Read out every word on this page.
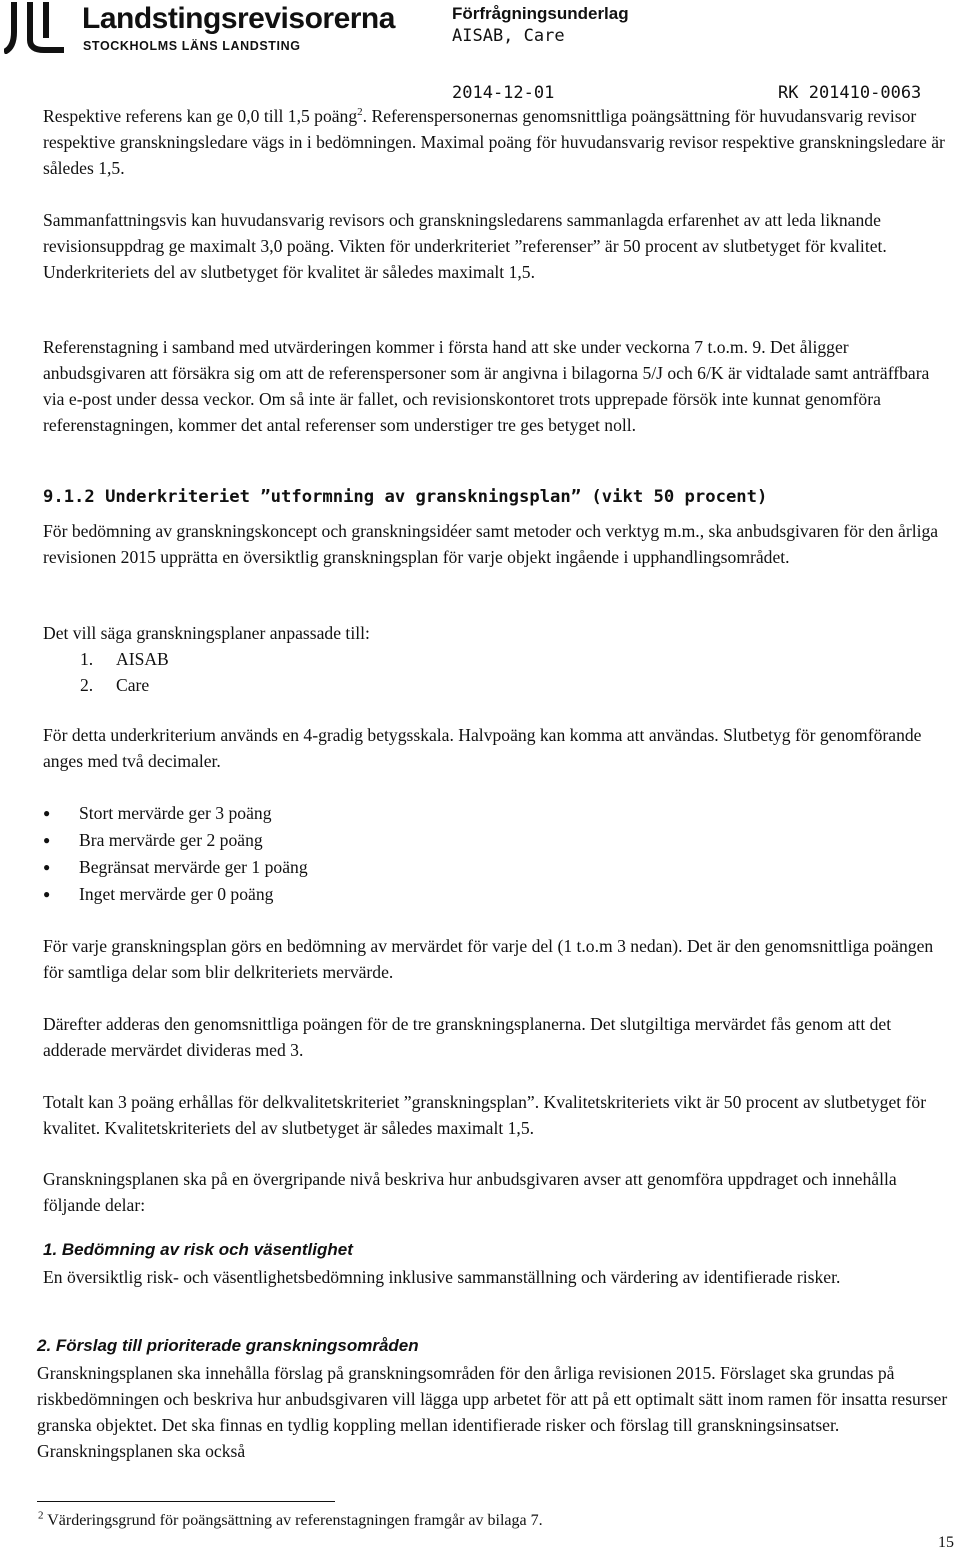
Landstingsrevisorerna
STOCKHOLMS LÄNS LANDSTING
Förfrågningsunderlag
AISAB, Care
2014-12-01	RK 201410-0063

Respektive referens kan ge 0,0 till 1,5 poäng$^2$. Referenspersonernas genomsnittliga poängsättning för huvudansvarig revisor respektive granskningsledare vägs in i bedömningen. Maximal poäng för huvudansvarig revisor respektive granskningsledare är således 1,5.

Sammanfattningsvis kan huvudansvarig revisors och granskningsledarens sammanlagda erfarenhet av att leda liknande revisionsuppdrag ge maximalt 3,0 poäng. Vikten för underkriteriet ”referenser” är 50 procent av slutbetyget för kvalitet. Underkriteriets del av slutbetyget för kvalitet är således maximalt 1,5.

Referenstagning i samband med utvärderingen kommer i första hand att ske under veckorna 7 t.o.m. 9. Det åligger anbudsgivaren att försäkra sig om att de referenspersoner som är angivna i bilagorna 5/J och 6/K är vidtalade samt anträffbara via e-post under dessa veckor. Om så inte är fallet, och revisionskontoret trots upprepade försök inte kunnat genomföra referenstagningen, kommer det antal referenser som understiger tre ges betyget noll.

9.1.2 Underkriteriet ”utformning av granskningsplan” (vikt 50 procent)

För bedömning av granskningskoncept och granskningsidéer samt metoder och verktyg m.m., ska anbudsgivaren för den årliga revisionen 2015 upprätta en översiktlig granskningsplan för varje objekt ingående i upphandlingsområdet.

Det vill säga granskningsplaner anpassade till:

1. AISAB
2. Care

För detta underkriterium används en 4-gradig betygsskala. Halvpoäng kan komma att användas. Slutbetyg för genomförande anges med två decimaler.

● Stort mervärde ger 3 poäng
● Bra mervärde ger 2 poäng
● Begränsat mervärde ger 1 poäng
● Inget mervärde ger 0 poäng

För varje granskningsplan görs en bedömning av mervärdet för varje del (1 t.o.m 3 nedan). Det är den genomsnittliga poängen för samtliga delar som blir delkriteriets mervärde.

Därefter adderas den genomsnittliga poängen för de tre granskningsplanerna. Det slutgiltiga mervärdet fås genom att det adderade mervärdet divideras med 3.

Totalt kan 3 poäng erhållas för delkvalitetskriteriet ”granskningsplan”. Kvalitetskriteriets vikt är 50 procent av slutbetyget för kvalitet. Kvalitetskriteriets del av slutbetyget är således maximalt 1,5.

Granskningsplanen ska på en övergripande nivå beskriva hur anbudsgivaren avser att genomföra uppdraget och innehålla följande delar:

1. Bedömning av risk och väsentlighet

En översiktlig risk- och väsentlighetsbedömning inklusive sammanställning och värdering av identifierade risker.

2. Förslag till prioriterade granskningsområden

Granskningsplanen ska innehålla förslag på granskningsområden för den årliga revisionen 2015. Förslaget ska grundas på riskbedömningen och beskriva hur anbudsgivaren vill lägga upp arbetet för att på ett optimalt sätt inom ramen för insatta resurser granska objektet. Det ska finnas en tydlig koppling mellan identifierade risker och förslag till granskningsinsatser. Granskningsplanen ska också

$^2$ Värderingsgrund för poängsättning av referenstagningen framgår av bilaga 7.
15
